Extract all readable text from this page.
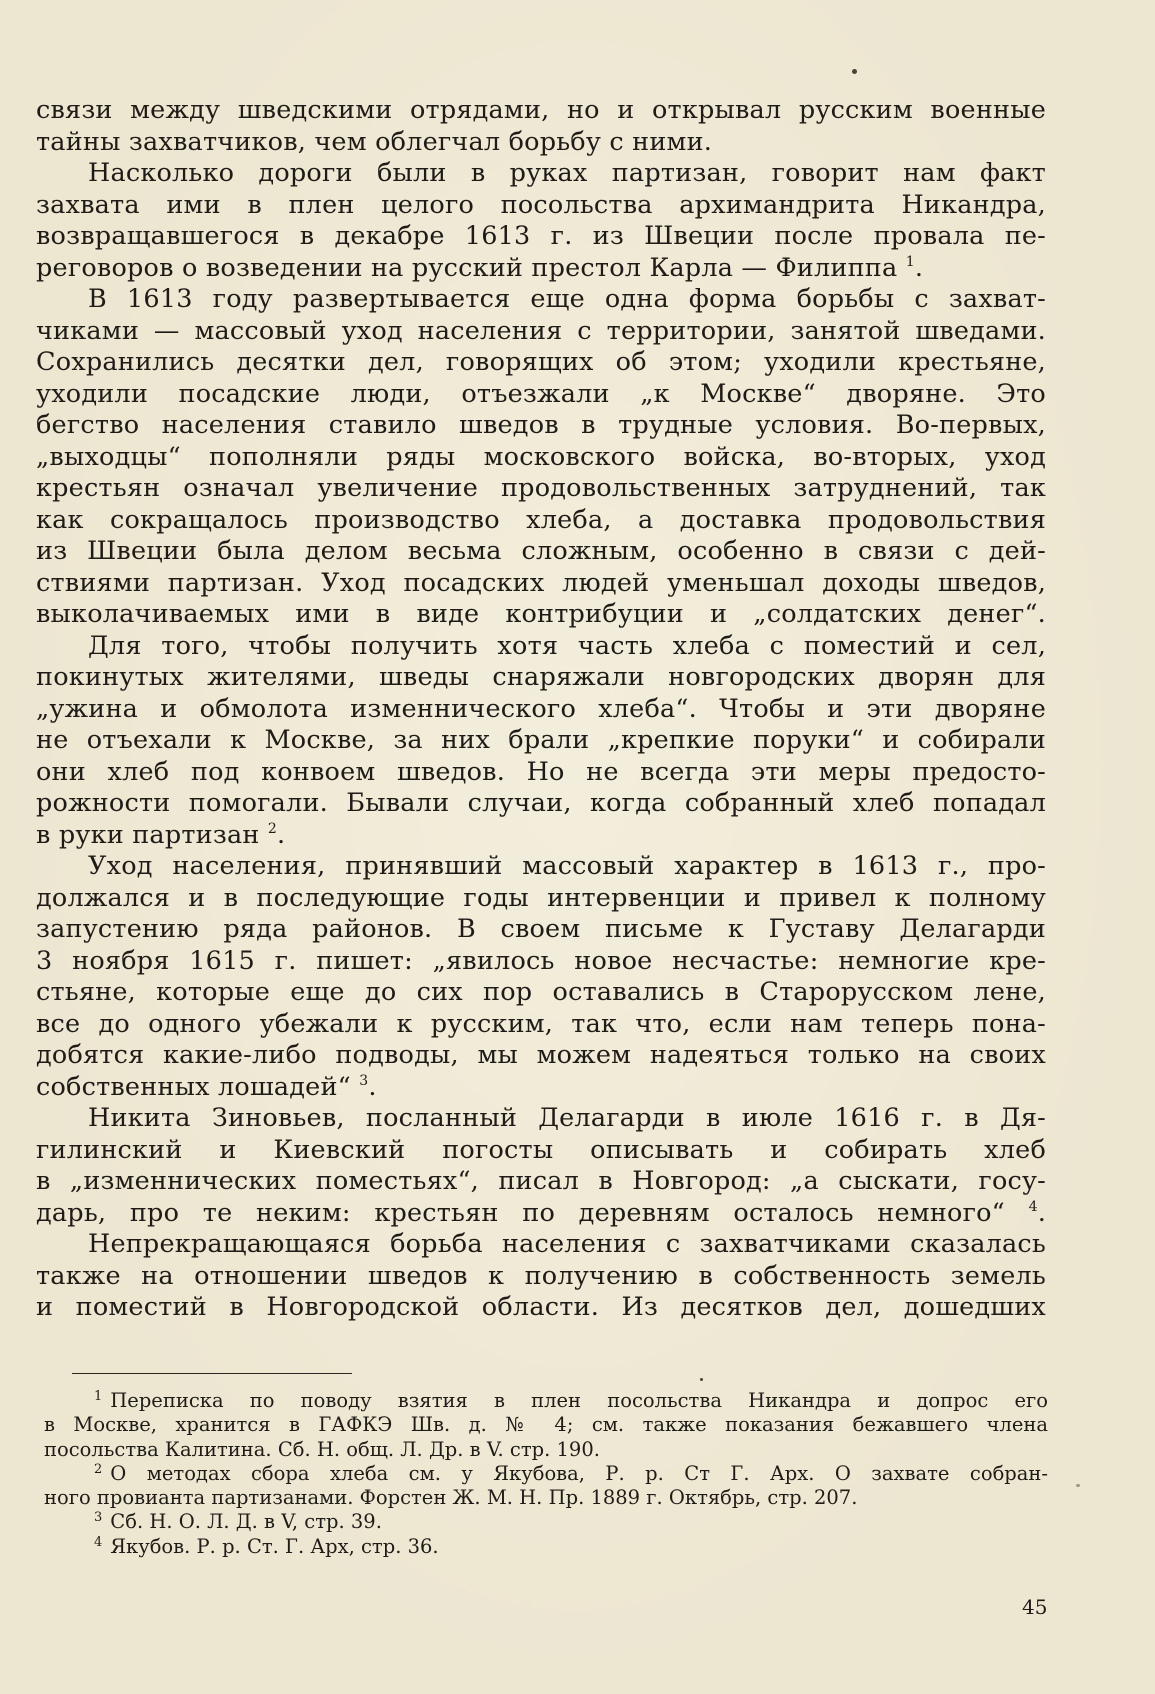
связи между шведскими отрядами, но и открывал русским военные
тайны захватчиков, чем облегчал борьбу с ними.
Насколько дороги были в руках партизан, говорит нам факт
захвата ими в плен целого посольства архимандрита Никандра,
возвращавшегося в декабре 1613 г. из Швеции после провала пе-
реговоров о возведении на русский престол Карла — Филиппа $^1$.
В 1613 году развертывается еще одна форма борьбы с захват-
чиками — массовый уход населения с территории, занятой шведами.
Сохранились десятки дел, говорящих об этом; уходили крестьяне,
уходили посадские люди, отъезжали „к Москве“ дворяне. Это
бегство населения ставило шведов в трудные условия. Во-первых,
„выходцы“ пополняли ряды московского войска, во-вторых, уход
крестьян означал увеличение продовольственных затруднений, так
как сокращалось производство хлеба, а доставка продовольствия
из Швеции была делом весьма сложным, особенно в связи с дей-
ствиями партизан. Уход посадских людей уменьшал доходы шведов,
выколачиваемых ими в виде контрибуции и „солдатских денег“.
Для того, чтобы получить хотя часть хлеба с поместий и сел,
покинутых жителями, шведы снаряжали новгородских дворян для
„ужина и обмолота изменнического хлеба“. Чтобы и эти дворяне
не отъехали к Москве, за них брали „крепкие поруки“ и собирали
они хлеб под конвоем шведов. Но не всегда эти меры предосто-
рожности помогали. Бывали случаи, когда собранный хлеб попадал
в руки партизан $^2$.
Уход населения, принявший массовый характер в 1613 г., про-
должался и в последующие годы интервенции и привел к полному
запустению ряда районов. В своем письме к Густаву Делагарди
3 ноября 1615 г. пишет: „явилось новое несчастье: немногие кре-
стьяне, которые еще до сих пор оставались в Старорусском лене,
все до одного убежали к русским, так что, если нам теперь пона-
добятся какие-либо подводы, мы можем надеяться только на своих
собственных лошадей“ $^3$.
Никита Зиновьев, посланный Делагарди в июле 1616 г. в Дя-
гилинский и Киевский погосты описывать и собирать хлеб
в „изменнических поместьях“, писал в Новгород: „а сыскати, госу-
дарь, про те неким: крестьян по деревням осталось немного“ $^4$.
Непрекращающаяся борьба населения с захватчиками сказалась
также на отношении шведов к получению в собственность земель
и поместий в Новгородской области. Из десятков дел, дошедших
$^1$ Переписка по поводу взятия в плен посольства Никандра и допрос его
в Москве, хранится в ГАФКЭ Шв. д. № 4; см. также показания бежавшего члена
посольства Калитина. Сб. Н. общ. Л. Др. в V. стр. 190.
$^2$ О методах сбора хлеба см. у Якубова, Р. р. Ст Г. Арх. О захвате собран-
ного провианта партизанами. Форстен Ж. М. Н. Пр. 1889 г. Октябрь, стр. 207.
$^3$ Сб. Н. О. Л. Д. в V, стр. 39.
$^4$ Якубов. Р. р. Ст. Г. Арх, стр. 36.
45
